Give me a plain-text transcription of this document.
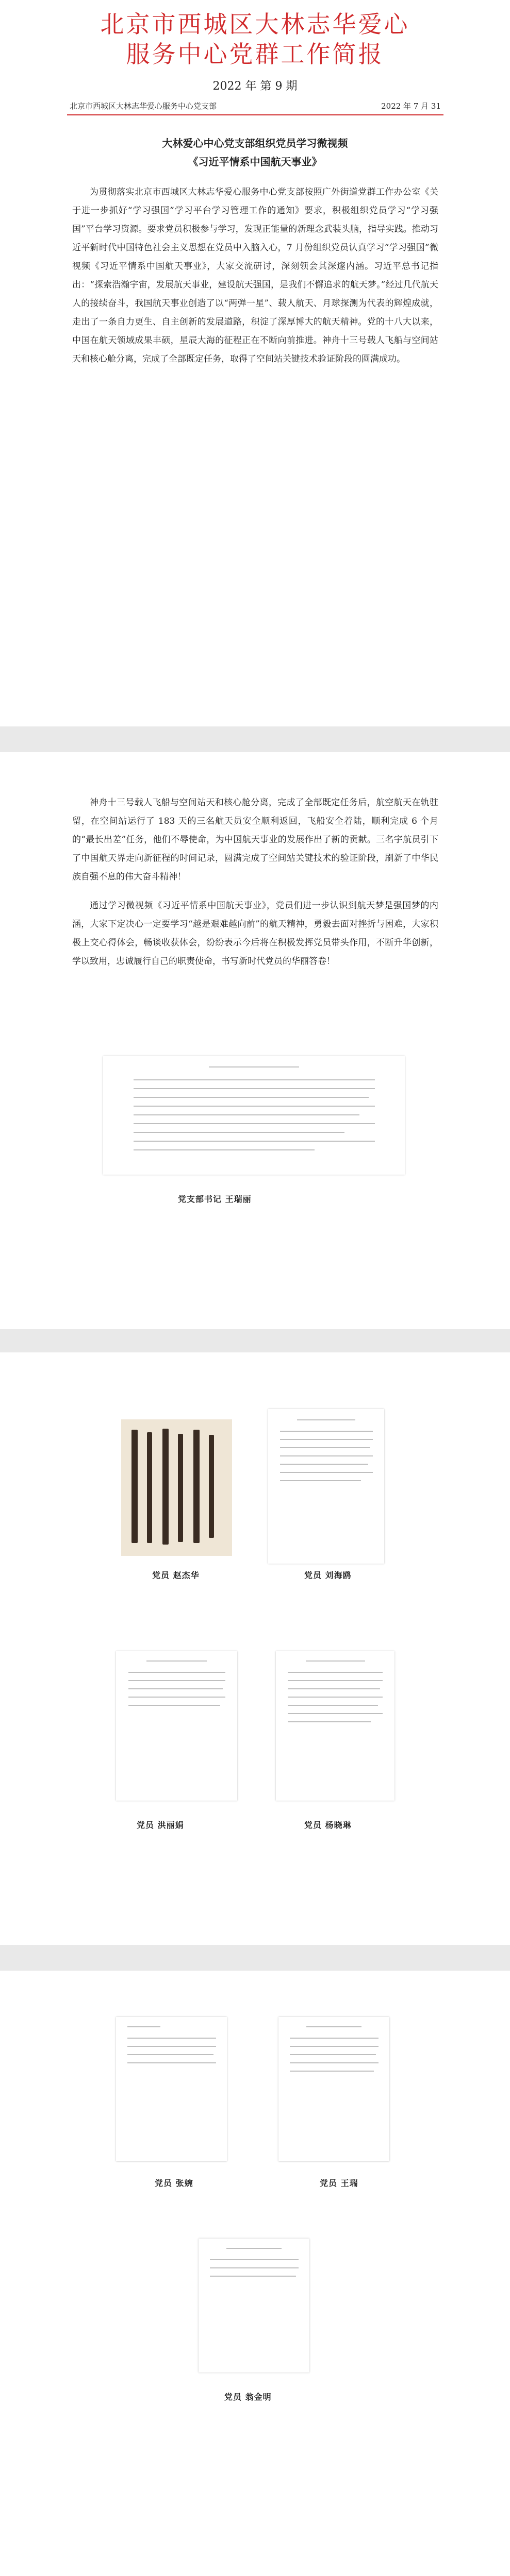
北京市西城区大林志华爱心
服务中心党群工作简报
2022 年 第 9 期
北京市西城区大林志华爱心服务中心党支部	2022 年 7 月 31
大林爱心中心党支部组织党员学习微视频
《习近平情系中国航天事业》

为贯彻落实北京市西城区大林志华爱心服务中心党支部按照广外街道党群工作办公室《关于进一步抓好“学习强国”学习平台学习管理工作的通知》要求，积极组织党员学习“学习强国”平台学习资源。要求党员积极参与学习，发现正能量的新理念武装头脑，指导实践。推动习近平新时代中国特色社会主义思想在党员中入脑入心，7 月份组织党员认真学习“学习强国”微视频《习近平情系中国航天事业》，大家交流研讨，深刻领会其深邃内涵。习近平总书记指出：“探索浩瀚宇宙，发展航天事业，建设航天强国，是我们不懈追求的航天梦。”经过几代航天人的接续奋斗，我国航天事业创造了以“两弹一星”、载人航天、月球探测为代表的辉煌成就，走出了一条自力更生、自主创新的发展道路，积淀了深厚博大的航天精神。党的十八大以来，中国在航天领域成果丰硕，星辰大海的征程正在不断向前推进。神舟十三号载人飞船与空间站天和核心舱分离，完成了全部既定任务，取得了空间站关键技术验证阶段的圆满成功。

神舟十三号载人飞船与空间站天和核心舱分离，完成了全部既定任务后，航空航天在轨驻留，在空间站运行了 183 天的三名航天员安全顺利返回，飞船安全着陆，顺利完成 6 个月的“最长出差”任务，他们不辱使命，为中国航天事业的发展作出了新的贡献。三名宇航员引下了中国航天界走向新征程的时间记录，圆满完成了空间站关键技术的验证阶段，刷新了中华民族自强不息的伟大奋斗精神！

通过学习微视频《习近平情系中国航天事业》，党员们进一步认识到航天梦是强国梦的内涵，大家下定决心一定要学习“越是艰难越向前”的航天精神，勇毅去面对挫折与困难，大家积极上交心得体会，畅谈收获体会，纷纷表示今后将在积极发挥党员带头作用，不断升华创新，学以致用，忠诚履行自己的职责使命，书写新时代党员的华丽答卷！

党支部书记 王瑞丽
党员 赵杰华	党员 刘海鸥
党员 洪丽娟	党员 杨晓琳
党员 张婉	党员 王瑞
党员 翁金明
